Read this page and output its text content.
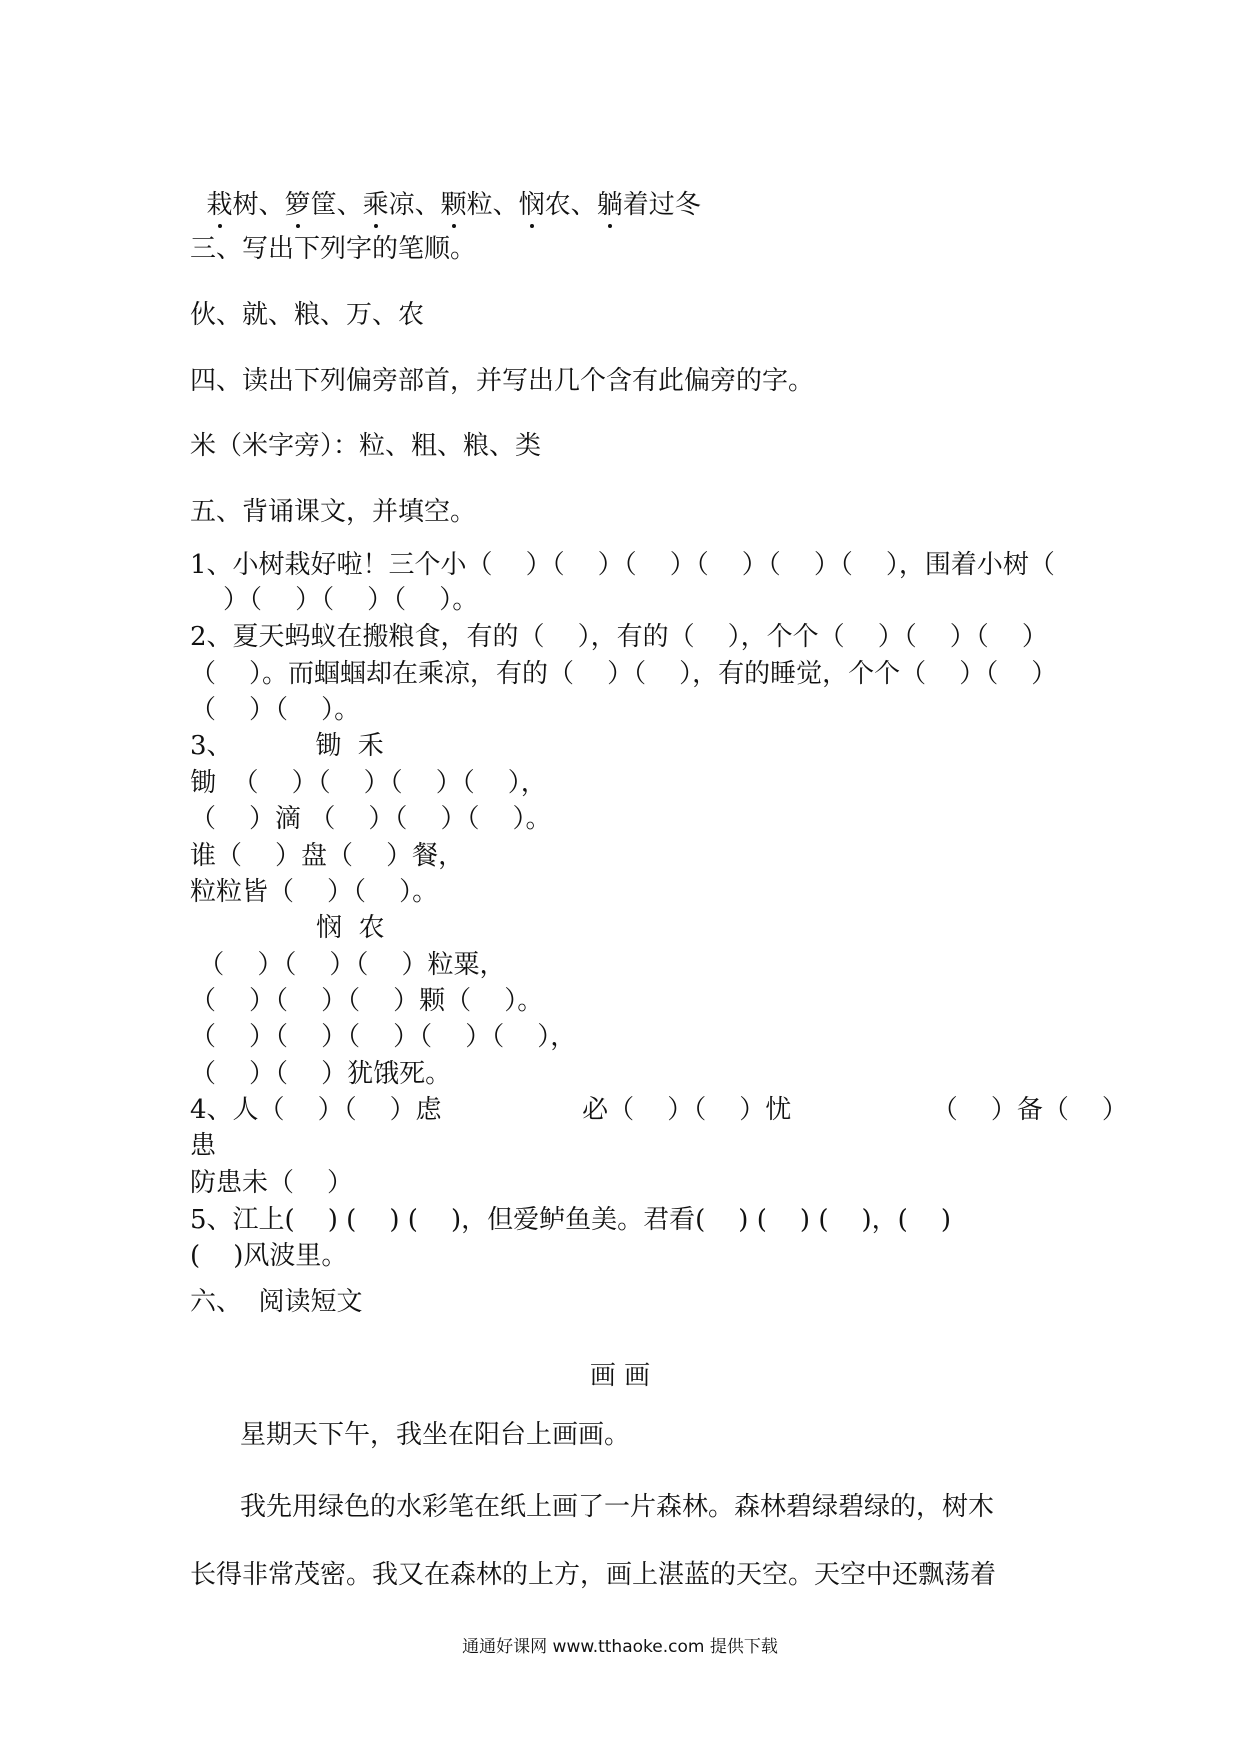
栽树、箩筐、乘凉、颗粒、悯农、躺着过冬

三、写出下列字的笔顺。
伙、就、粮、万、农
四、读出下列偏旁部首，并写出几个含有此偏旁的字。
米（米字旁）：粒、粗、粮、类
五、背诵课文，并填空。
1、小树栽好啦！三个小（    ）（    ）（    ）（    ）（    ）（    ），围着小树（
）（    ）（    ）（    ）。
2、夏天蚂蚁在搬粮食，有的（    ），有的（    ），个个（    ）（    ）（    ）
（    ）。而蝈蝈却在乘凉，有的（    ）（    ），有的睡觉，个个（    ）（    ）
（    ）（    ）。
3、          锄  禾
锄  （    ）（    ）（    ）（    ），
（    ）滴 （    ）（    ）（    ）。
谁（    ）盘（    ）餐，
粒粒皆（    ）（    ）。
悯  农
（    ）（    ）（    ）粒粟，
（    ）（    ）（    ）颗（    ）。
（    ）（    ）（    ）（    ）（    ），
（    ）（    ）犹饿死。
4、人（    ）（    ）虑                 必（    ）（    ）忧                 （    ）备（    ）
患
防患未（    ）
5、江上(    ) (    ) (    )，但爱鲈鱼美。君看(    ) (    ) (    )，(    )
(    )风波里。
六、  阅读短文
画 画
星期天下午，我坐在阳台上画画。
我先用绿色的水彩笔在纸上画了一片森林。森林碧绿碧绿的，树木
长得非常茂密。我又在森林的上方，画上湛蓝的天空。天空中还飘荡着
通通好课网 www.tthaoke.com 提供下载
